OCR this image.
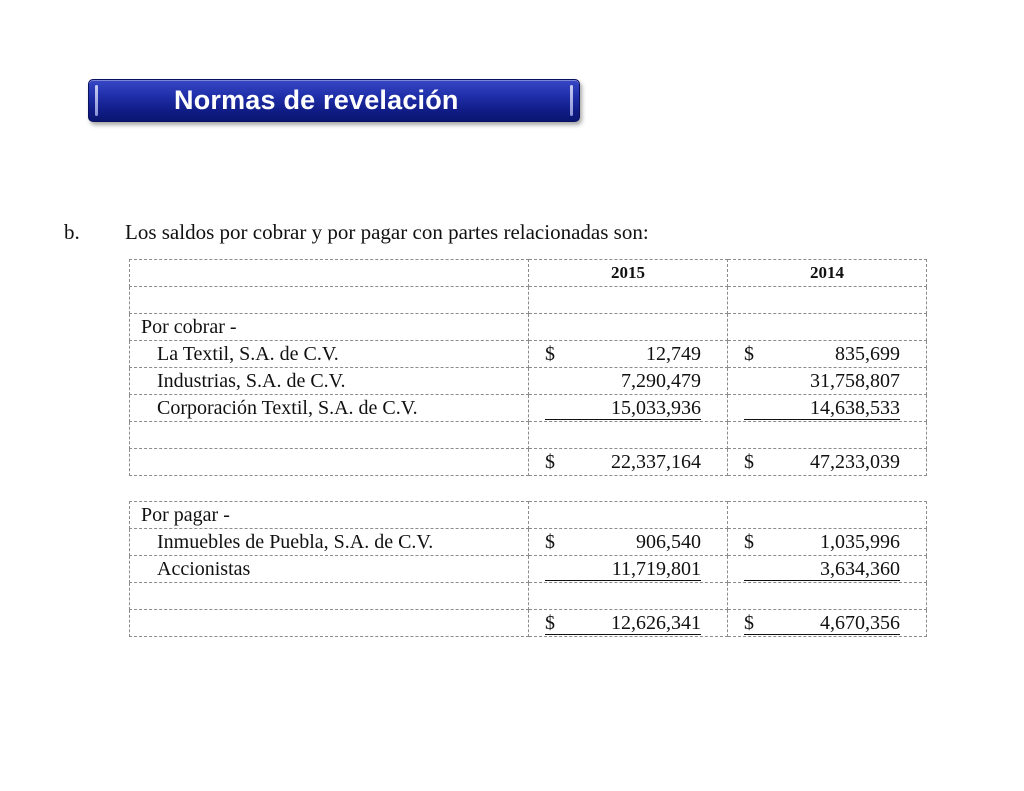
Normas de revelación
b. Los saldos por cobrar y por pagar con partes relacionadas son:
	2015	2014

Por cobrar -		
La Textil, S.A. de C.V.	$ 12,749	$ 835,699

Industrias, S.A. de C.V.	7,290,479	31,758,807

Corporación Textil, S.A. de C.V.	15,033,936	14,638,533

	$ 22,337,164	$ 47,233,039
Por pagar -		
Inmuebles de Puebla, S.A. de C.V.	$ 906,540	$ 1,035,996

Accionistas	11,719,801	3,634,360

	$ 12,626,341	$ 4,670,356
